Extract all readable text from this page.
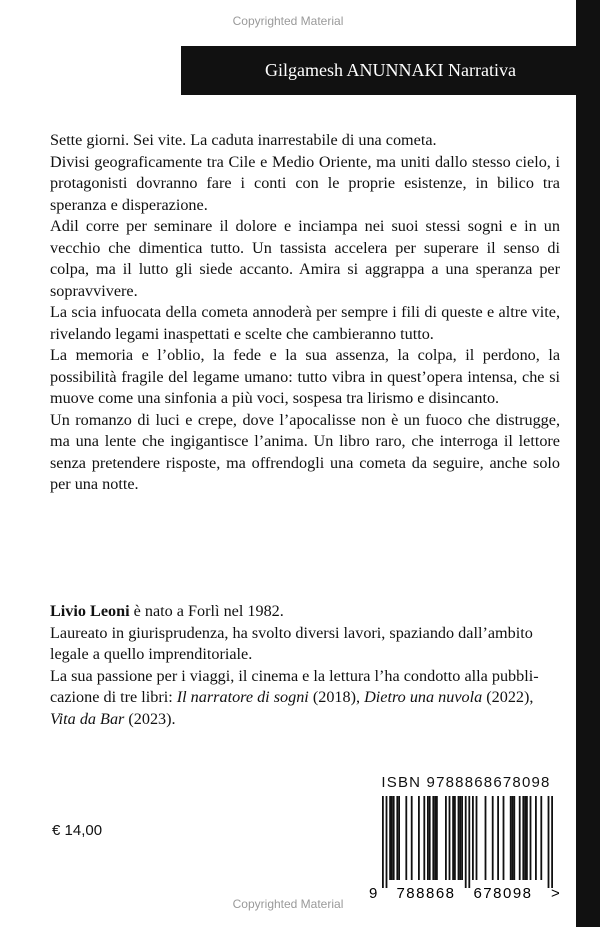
Copyrighted Material
Gilgamesh ANUNNAKI Narrativa

Sette giorni. Sei vite. La caduta inarrestabile di una cometa.

Divisi geograficamente tra Cile e Medio Oriente, ma uniti dallo stesso cielo, i protagonisti dovranno fare i conti con le proprie esistenze, in bilico tra speranza e disperazione.

Adil corre per seminare il dolore e inciampa nei suoi stessi sogni e in un vecchio che dimentica tutto. Un tassista accelera per superare il senso di colpa, ma il lutto gli siede accanto. Amira si aggrappa a una speranza per sopravvivere.

La scia infuocata della cometa annoderà per sempre i fili di queste e altre vite, rivelando legami inaspettati e scelte che cambieranno tutto.

La memoria e l’oblio, la fede e la sua assenza, la colpa, il perdono, la possibilità fragile del legame umano: tutto vibra in quest’opera intensa, che si muove come una sinfonia a più voci, sospesa tra lirismo e disincanto.

Un romanzo di luci e crepe, dove l’apocalisse non è un fuoco che distrugge, ma una lente che ingigantisce l’anima. Un libro raro, che interroga il lettore senza pretendere risposte, ma offrendogli una cometa da seguire, anche solo per una notte.

Livio Leoni è nato a Forlì nel 1982.

Laureato in giurisprudenza, ha svolto diversi lavori, spaziando dall’ambito legale a quello imprenditoriale.

La sua passione per i viaggi, il cinema e la lettura l’ha condotto alla pubblicazione di tre libri: Il narratore di sogni (2018), Dietro una nuvola (2022), Vita da Bar (2023).

€ 14,00
ISBN 9788868678098
9 788868 678098 >
Copyrighted Material
